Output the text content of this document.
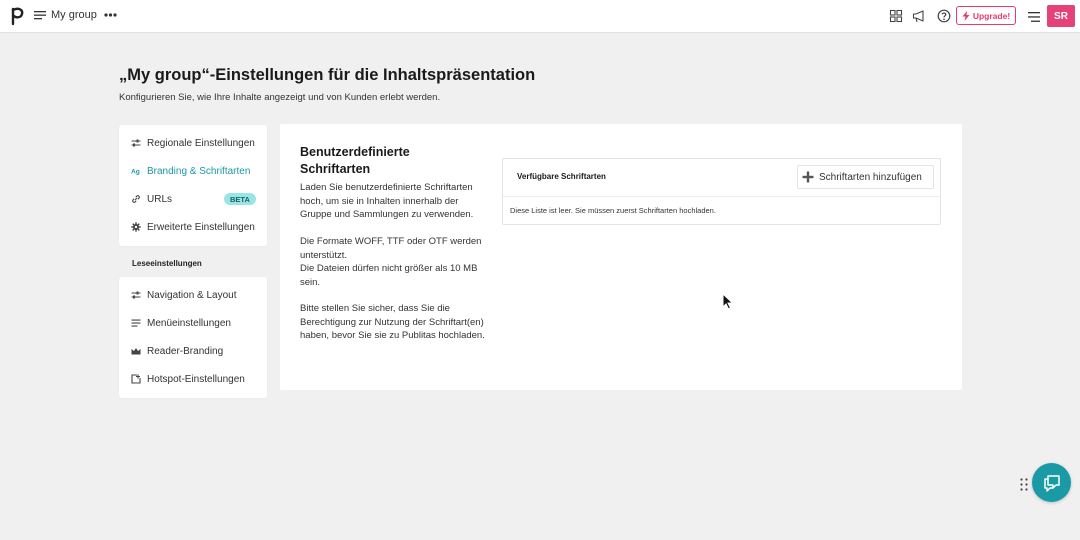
My group	Upgrade!	SR
„My group“-Einstellungen für die Inhaltspräsentation
Konfigurieren Sie, wie Ihre Inhalte angezeigt und von Kunden erlebt werden.
Regionale Einstellungen
Ag Branding & Schriftarten
URLs	BETA
Erweiterte Einstellungen
Leseeinstellungen
Navigation & Layout
Menüeinstellungen
Reader-Branding
Hotspot-Einstellungen
Benutzerdefinierte Schriftarten
Laden Sie benutzerdefinierte Schriftarten hoch, um sie in Inhalten innerhalb der Gruppe und Sammlungen zu verwenden.
Die Formate WOFF, TTF oder OTF werden unterstützt.
Die Dateien dürfen nicht größer als 10 MB sein.
Bitte stellen Sie sicher, dass Sie die Berechtigung zur Nutzung der Schriftart(en) haben, bevor Sie sie zu Publitas hochladen.
Verfügbare Schriftarten	Schriftarten hinzufügen
Diese Liste ist leer. Sie müssen zuerst Schriftarten hochladen.
